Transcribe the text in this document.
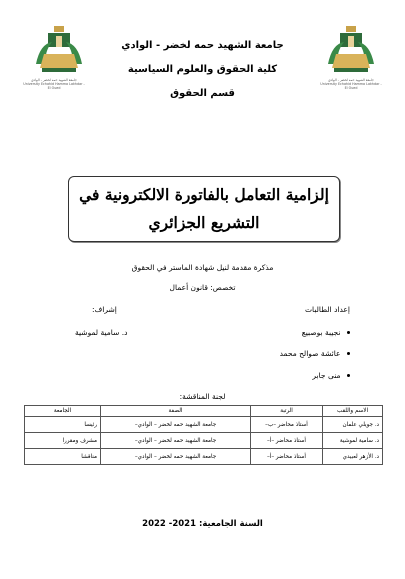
جامعة الشهيد حمه لخضر - الوادي
University Echahid Hamma Lakhdar - El Oued
جامعة الشهيد حمه لخضر - الوادي
University Echahid Hamma Lakhdar - El Oued
جامعة الشهيد حمه لخضر - الوادي
كلية الحقوق والعلوم السياسية
قسم الحقوق
إلزامية التعامل بالفاتورة الالكترونية في
التشريع الجزائري
مذكرة مقدمة لنيل شهادة الماستر في الحقوق
تخصص: قانون أعمال
إعداد الطالبات
نجيبة بوصبيع
عائشة صوالح محمد
منى جابر
إشراف:
د. سامية لموشية
لجنة المناقشة:
الاسم واللقب	الرتبة	الصفة	الجامعة
د. جويلي علمان	أستاذ محاضر –ب–	جامعة الشهيد حمه لخضر – الوادي–	رئيسا
د. سامية لموشية	أستاذ محاضر –أ–	جامعة الشهيد حمه لخضر – الوادي–	مشرف ومقررا
د. الأزهر لعبيدي	أستاذ محاضر –أ–	جامعة الشهيد حمه لخضر – الوادي–	مناقشا
السنة الجامعية: 2021- 2022
